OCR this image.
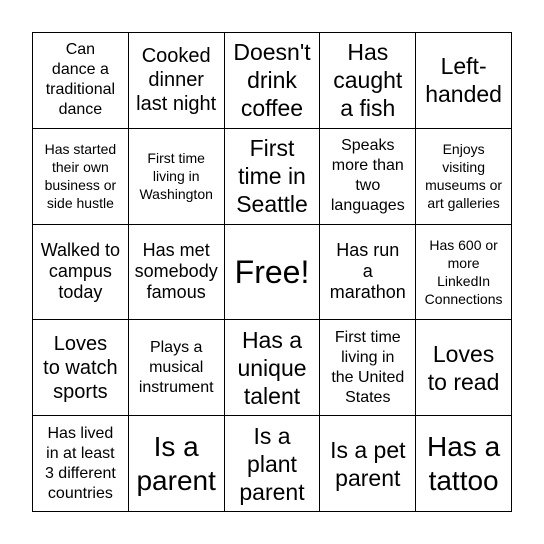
Can
dance a
traditional
dance
Cooked
dinner
last night
Doesn't
drink
coffee
Has
caught
a fish
Left-
handed
Has started
their own
business or
side hustle
First time
living in
Washington
First
time in
Seattle
Speaks
more than
two
languages
Enjoys
visiting
museums or
art galleries
Walked to
campus
today
Has met
somebody
famous
Free!
Has run
a
marathon
Has 600 or
more
LinkedIn
Connections
Loves
to watch
sports
Plays a
musical
instrument
Has a
unique
talent
First time
living in
the United
States
Loves
to read
Has lived
in at least
3 different
countries
Is a
parent
Is a
plant
parent
Is a pet
parent
Has a
tattoo
